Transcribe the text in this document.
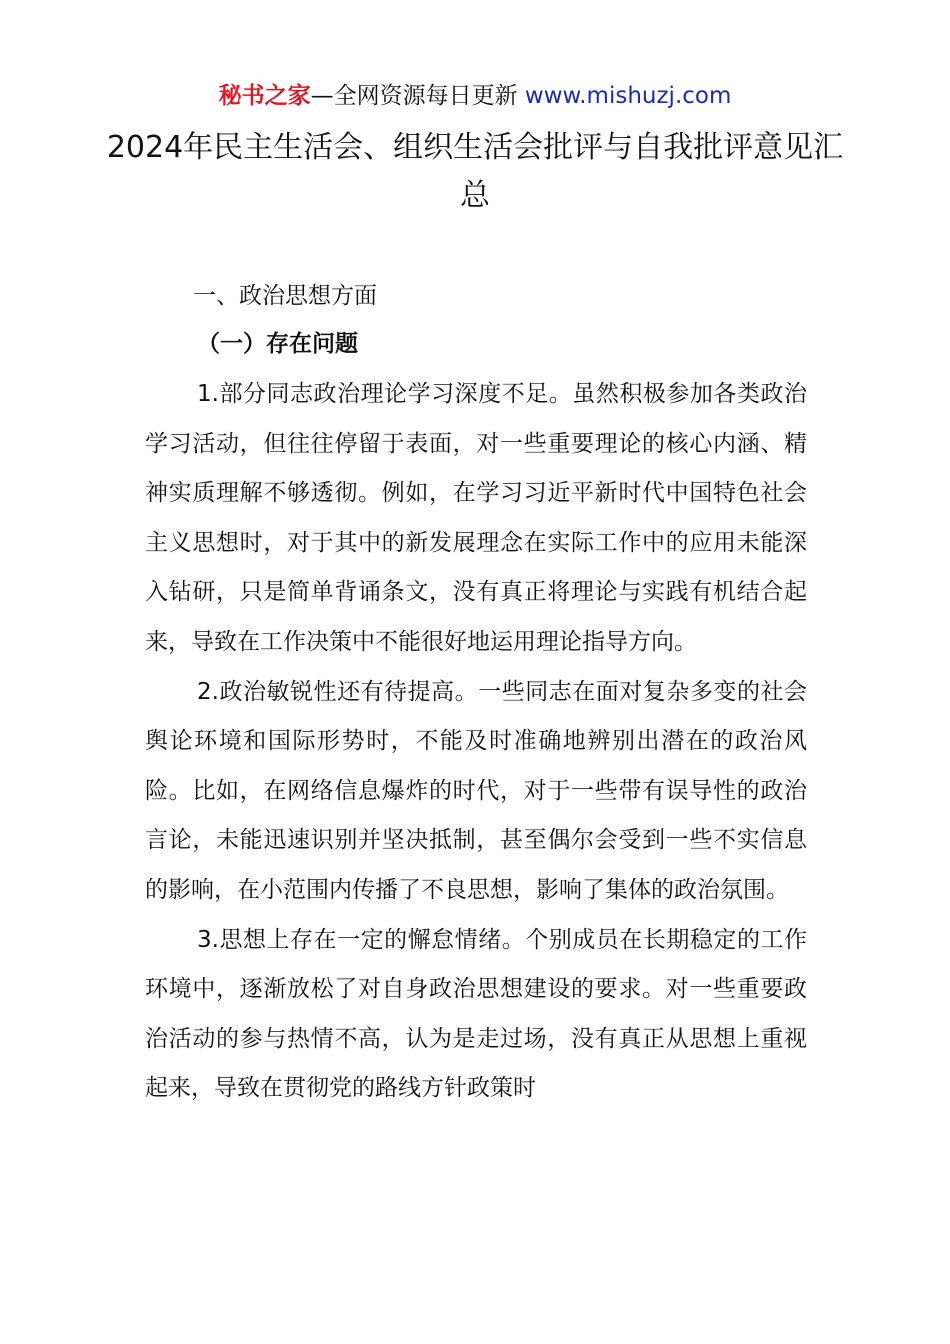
秘书之家—全网资源每日更新 www.mishuzj.com
2024年民主生活会、组织生活会批评与自我批评意见汇总

一、政治思想方面

（一）存在问题

1.部分同志政治理论学习深度不足。虽然积极参加各类政治学习活动，但往往停留于表面，对一些重要理论的核心内涵、精神实质理解不够透彻。例如，在学习习近平新时代中国特色社会主义思想时，对于其中的新发展理念在实际工作中的应用未能深入钻研，只是简单背诵条文，没有真正将理论与实践有机结合起来，导致在工作决策中不能很好地运用理论指导方向。

2.政治敏锐性还有待提高。一些同志在面对复杂多变的社会舆论环境和国际形势时，不能及时准确地辨别出潜在的政治风险。比如，在网络信息爆炸的时代，对于一些带有误导性的政治言论，未能迅速识别并坚决抵制，甚至偶尔会受到一些不实信息的影响，在小范围内传播了不良思想，影响了集体的政治氛围。

3.思想上存在一定的懈怠情绪。个别成员在长期稳定的工作环境中，逐渐放松了对自身政治思想建设的要求。对一些重要政治活动的参与热情不高，认为是走过场，没有真正从思想上重视起来，导致在贯彻党的路线方针政策时
